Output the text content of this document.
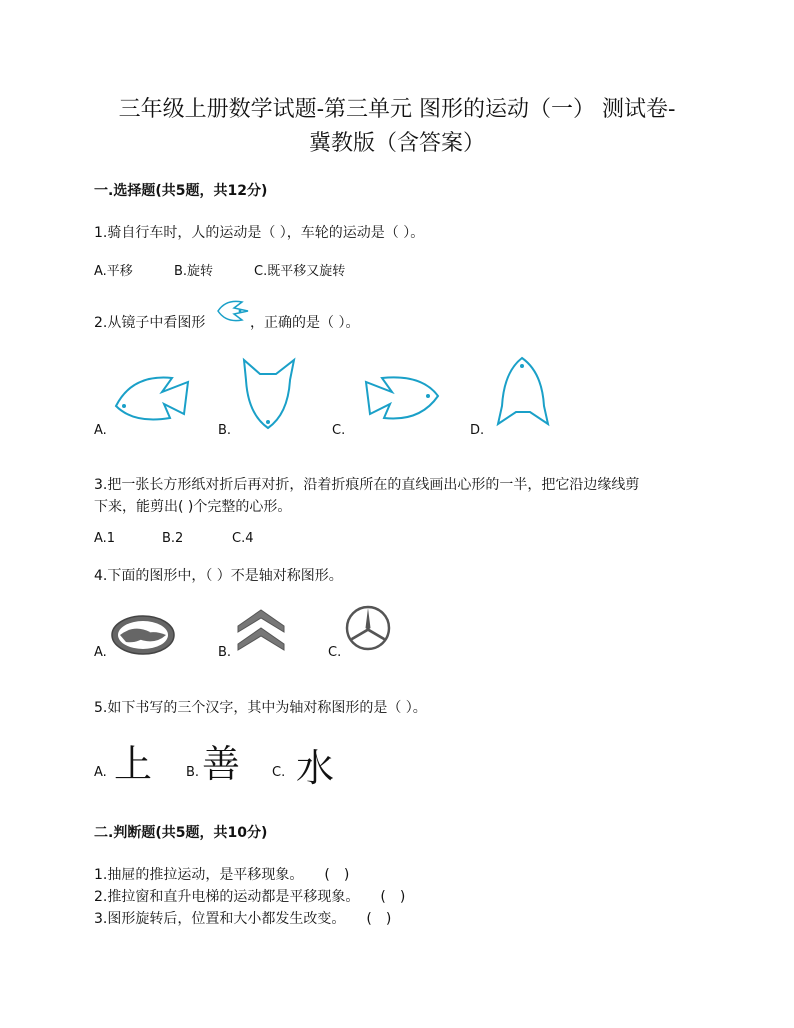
三年级上册数学试题-第三单元 图形的运动（一） 测试卷-
冀教版（含答案）
一.选择题(共5题，共12分)
1.骑自行车时，人的运动是（ ），车轮的运动是（ ）。
A.平移	B.旋转	C.既平移又旋转
2.从镜子中看图形	，正确的是（ ）。
A.	B.	C.	D.
3.把一张长方形纸对折后再对折，沿着折痕所在的直线画出心形的一半，把它沿边缘线剪
下来，能剪出( )个完整的心形。
A.1	B.2	C.4
4.下面的图形中，（ ）不是轴对称图形。
A.	B.	C.
5.如下书写的三个汉字，其中为轴对称图形的是（ ）。
A. 上	B. 善 C. 水
二.判断题(共5题，共10分)
1.抽屉的推拉运动，是平移现象。　　(　)
2.推拉窗和直升电梯的运动都是平移现象。　　(　)
3.图形旋转后，位置和大小都发生改变。　　(　)
